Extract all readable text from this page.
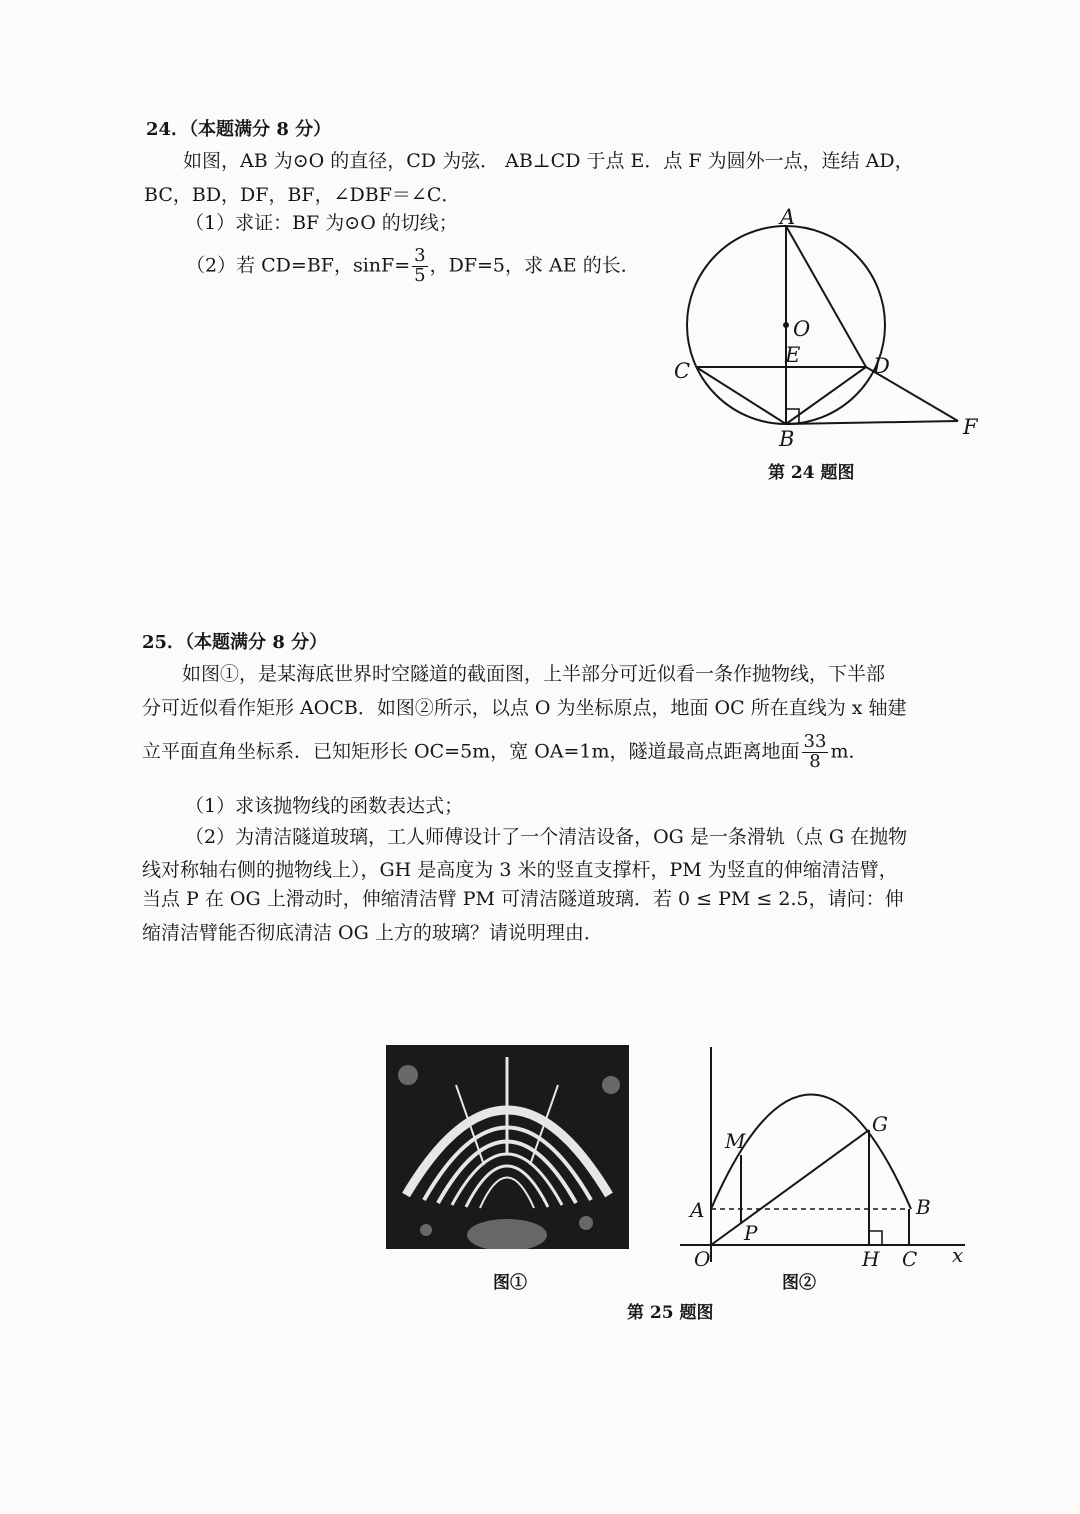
24．（本题满分 8 分）
如图，AB 为⊙O 的直径，CD 为弦． AB⊥CD 于点 E．点 F 为圆外一点，连结 AD，
BC，BD，DF，BF，∠DBF＝∠C．
（1）求证：BF 为⊙O 的切线；
（2）若 CD=BF，$\sin F= \frac{3}{5}$ ，DF=5，求 AE 的长．
A
O
E
C	D
B	F
第 24 题图
25．（本题满分 8 分）
如图①，是某海底世界时空隧道的截面图，上半部分可近似看一条作抛物线，下半部
分可近似看作矩形 AOCB．如图②所示，以点 O 为坐标原点，地面 OC 所在直线为 x 轴建
立平面直角坐标系．已知矩形长 OC=5m，宽 OA=1m，隧道最高点距离地面 $\frac{33}{8}$ m．
（1）求该抛物线的函数表达式；
（2）为清洁隧道玻璃，工人师傅设计了一个清洁设备，OG 是一条滑轨（点 G 在抛物
线对称轴右侧的抛物线上），GH 是高度为 3 米的竖直支撑杆，PM 为竖直的伸缩清洁臂，
当点 P 在 OG 上滑动时，伸缩清洁臂 PM 可清洁隧道玻璃．若 0 ≤ PM ≤ 2.5，请问：伸
缩清洁臂能否彻底清洁 OG 上方的玻璃？请说明理由．
M
G
A	B
P
O	H C x
图①	图②
第 25 题图
